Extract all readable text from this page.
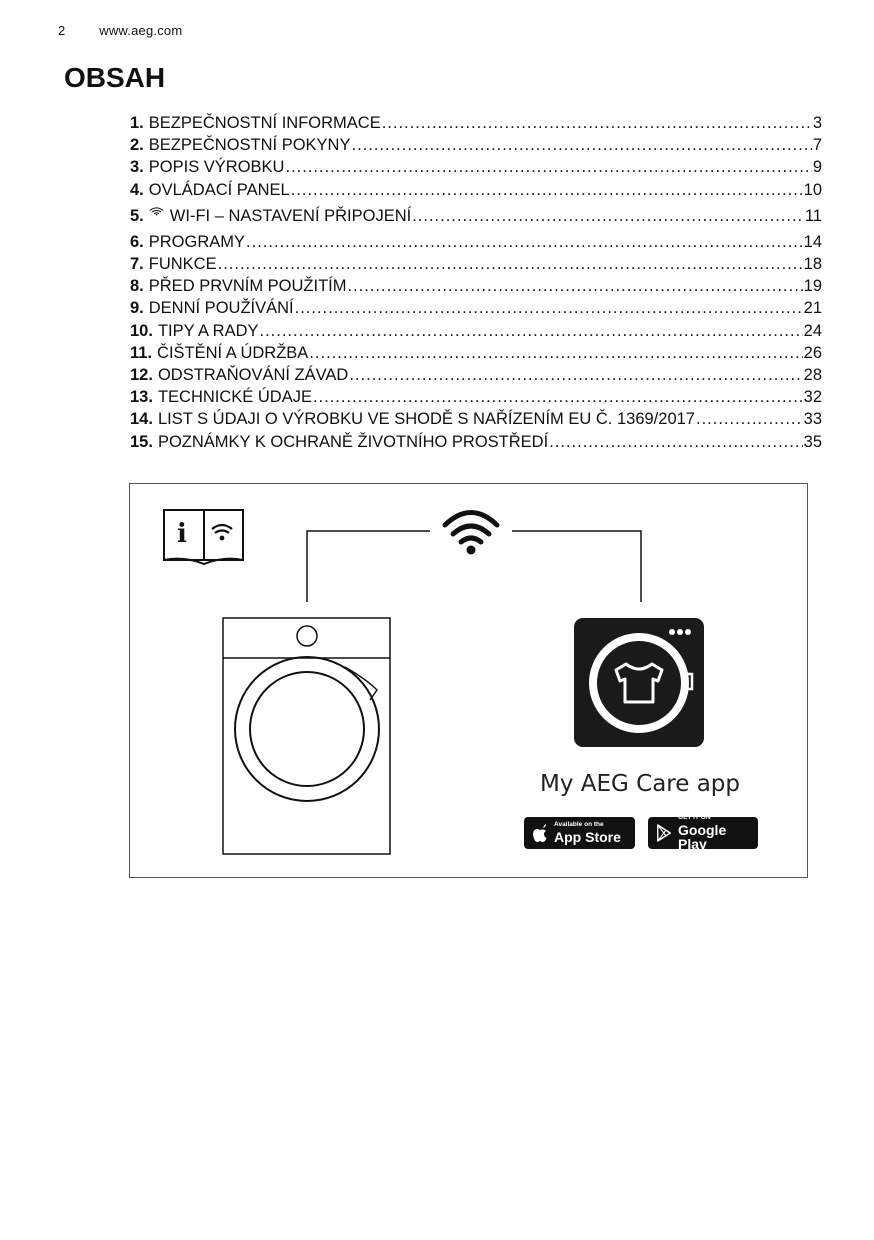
2	www.aeg.com
OBSAH
1. BEZPEČNOSTNÍ INFORMACE .....	3
2. BEZPEČNOSTNÍ POKYNY .....	7
3. POPIS VÝROBKU .....	9
4. OVLÁDACÍ PANEL .....	10
5. WI-FI – NASTAVENÍ PŘIPOJENÍ .....	11
6. PROGRAMY .....	14
7. FUNKCE .....	18
8. PŘED PRVNÍM POUŽITÍM .....	19
9. DENNÍ POUŽÍVÁNÍ .....	21
10. TIPY A RADY .....	24
11. ČIŠTĚNÍ A ÚDRŽBA .....	26
12. ODSTRAŇOVÁNÍ ZÁVAD .....	28
13. TECHNICKÉ ÚDAJE .....	32
14. LIST S ÚDAJI O VÝROBKU VE SHODĚ S NAŘÍZENÍM EU Č. 1369/2017 .....	33
15. POZNÁMKY K OCHRANĚ ŽIVOTNÍHO PROSTŘEDÍ .....	35
i
My AEG Care app
Available on the
App Store
GET IT ON
Google Play
